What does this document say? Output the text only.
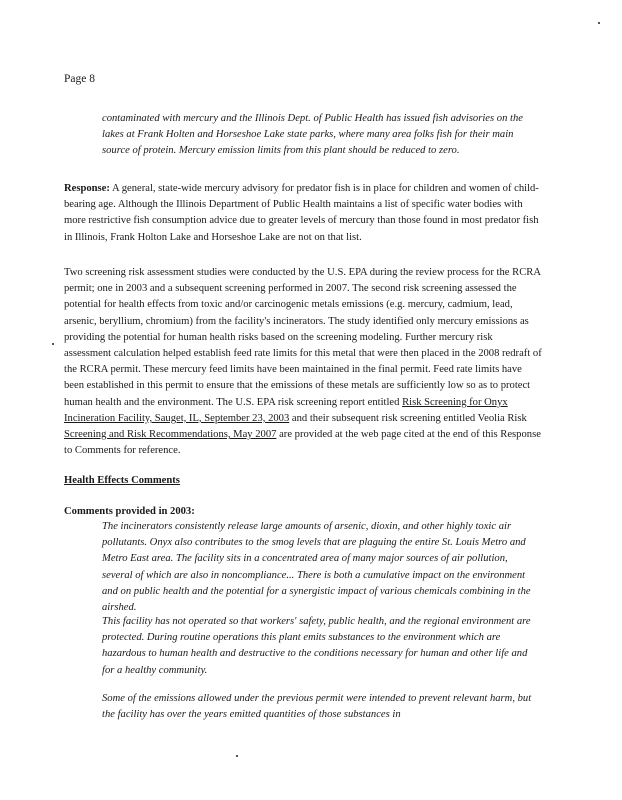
Page 8
contaminated with mercury and the Illinois Dept. of Public Health has issued fish advisories on the lakes at Frank Holten and Horseshoe Lake state parks, where many area folks fish for their main source of protein. Mercury emission limits from this plant should be reduced to zero.
Response: A general, state-wide mercury advisory for predator fish is in place for children and women of child-bearing age. Although the Illinois Department of Public Health maintains a list of specific water bodies with more restrictive fish consumption advice due to greater levels of mercury than those found in most predator fish in Illinois, Frank Holton Lake and Horseshoe Lake are not on that list.
Two screening risk assessment studies were conducted by the U.S. EPA during the review process for the RCRA permit; one in 2003 and a subsequent screening performed in 2007. The second risk screening assessed the potential for health effects from toxic and/or carcinogenic metals emissions (e.g. mercury, cadmium, lead, arsenic, beryllium, chromium) from the facility's incinerators. The study identified only mercury emissions as providing the potential for human health risks based on the screening modeling. Further mercury risk assessment calculation helped establish feed rate limits for this metal that were then placed in the 2008 redraft of the RCRA permit. These mercury feed limits have been maintained in the final permit. Feed rate limits have been established in this permit to ensure that the emissions of these metals are sufficiently low so as to protect human health and the environment. The U.S. EPA risk screening report entitled Risk Screening for Onyx Incineration Facility, Sauget, IL, September 23, 2003 and their subsequent risk screening entitled Veolia Risk Screening and Risk Recommendations, May 2007 are provided at the web page cited at the end of this Response to Comments for reference.
Health Effects Comments
Comments provided in 2003:
The incinerators consistently release large amounts of arsenic, dioxin, and other highly toxic air pollutants. Onyx also contributes to the smog levels that are plaguing the entire St. Louis Metro and Metro East area. The facility sits in a concentrated area of many major sources of air pollution, several of which are also in noncompliance... There is both a cumulative impact on the environment and on public health and the potential for a synergistic impact of various chemicals combining in the airshed.
This facility has not operated so that workers' safety, public health, and the regional environment are protected. During routine operations this plant emits substances to the environment which are hazardous to human health and destructive to the conditions necessary for human and other life and for a healthy community.
Some of the emissions allowed under the previous permit were intended to prevent relevant harm, but the facility has over the years emitted quantities of those substances in
